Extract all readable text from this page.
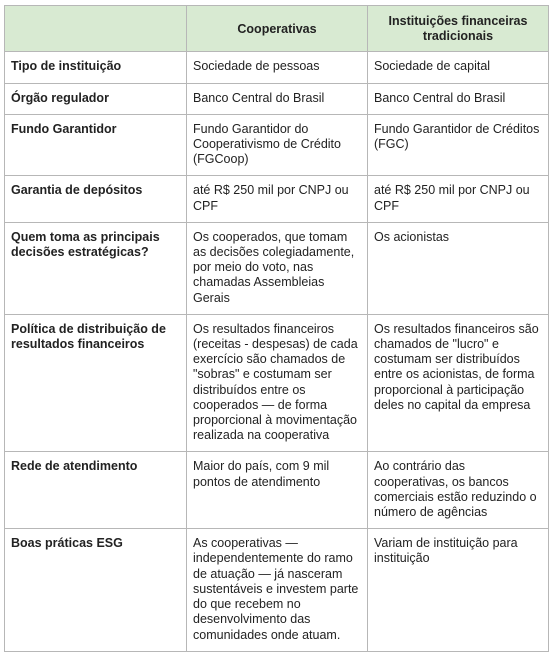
	Cooperativas	Instituições financeiras tradicionais
Tipo de instituição	Sociedade de pessoas	Sociedade de capital
Órgão regulador	Banco Central do Brasil	Banco Central do Brasil
Fundo Garantidor	Fundo Garantidor do Cooperativismo de Crédito (FGCoop)	Fundo Garantidor de Créditos (FGC)
Garantia de depósitos	até R$ 250 mil por CNPJ ou CPF	até R$ 250 mil por CNPJ ou CPF
Quem toma as principais decisões estratégicas?	Os cooperados, que tomam as decisões colegiadamente, por meio do voto, nas chamadas Assembleias Gerais	Os acionistas
Política de distribuição de resultados financeiros	Os resultados financeiros (receitas - despesas) de cada exercício são chamados de "sobras" e costumam ser distribuídos entre os cooperados — de forma proporcional à movimentação realizada na cooperativa	Os resultados financeiros são chamados de "lucro" e costumam ser distribuídos entre os acionistas, de forma proporcional à participação deles no capital da empresa
Rede de atendimento	Maior do país, com 9 mil pontos de atendimento	Ao contrário das cooperativas, os bancos comerciais estão reduzindo o número de agências
Boas práticas ESG	As cooperativas — independentemente do ramo de atuação — já nasceram sustentáveis e investem parte do que recebem no desenvolvimento das comunidades onde atuam.	Variam de instituição para instituição
